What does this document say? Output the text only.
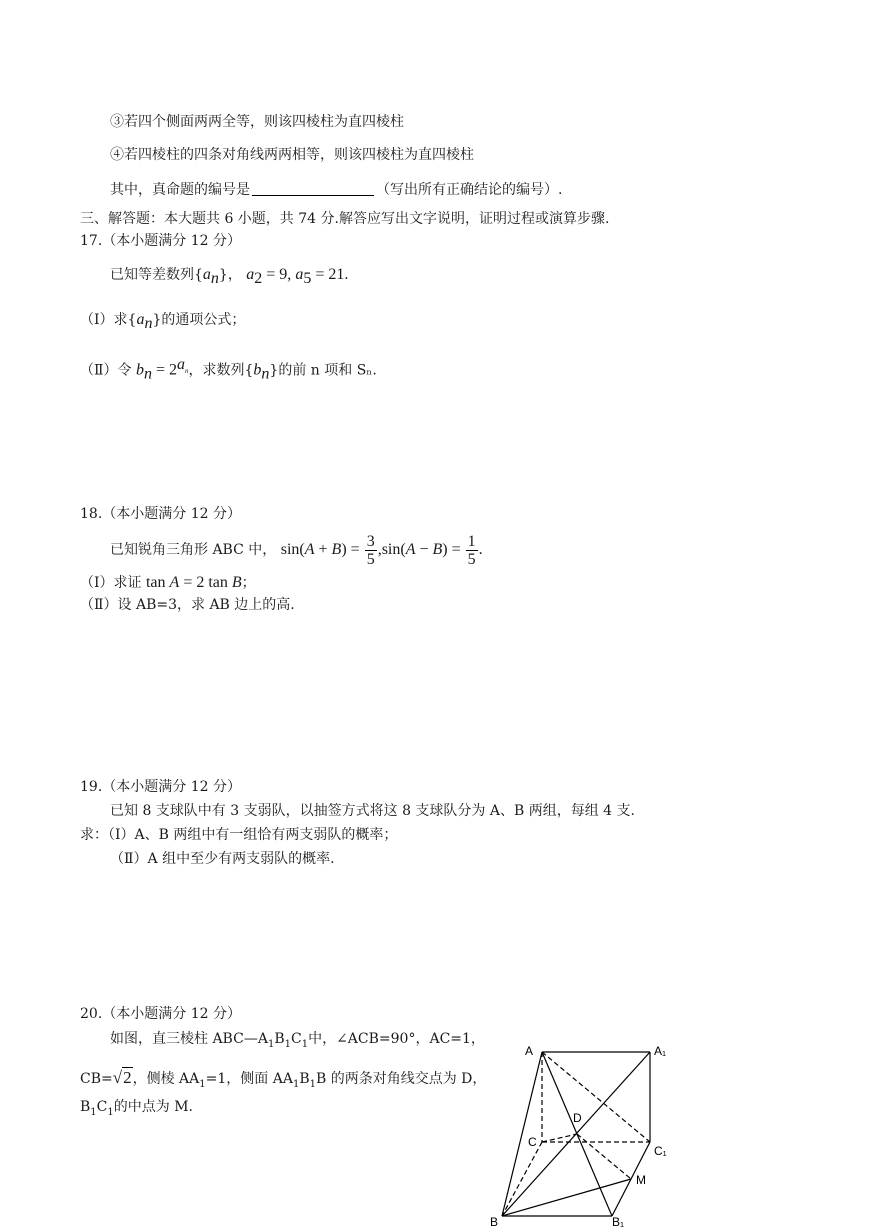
③若四个侧面两两全等，则该四棱柱为直四棱柱
④若四棱柱的四条对角线两两相等，则该四棱柱为直四棱柱
其中，真命题的编号是	（写出所有正确结论的编号）.
三、解答题：本大题共 6 小题，共 74 分.解答应写出文字说明，证明过程或演算步骤.
17.（本小题满分 12 分）
已知等差数列$\{a_n\}$， $a_2 = 9$, $a_5 = 21$.
（Ⅰ）求$\{a_n\}$的通项公式；
（Ⅱ）令 $b_n = 2^{a_n}$，求数列$\{b_n\}$的前 n 项和 Sₙ.
18.（本小题满分 12 分）
已知锐角三角形 ABC 中， $\sin(A + B) = \frac{3}{5} ,\sin(A - B) = \frac{1}{5}$ .
（Ⅰ）求证 tan A = 2 tan B；
（Ⅱ）设 AB=3，求 AB 边上的高.
19.（本小题满分 12 分）
已知 8 支球队中有 3 支弱队，以抽签方式将这 8 支球队分为 A、B 两组，每组 4 支.
求：（Ⅰ）A、B 两组中有一组恰有两支弱队的概率；
（Ⅱ）A 组中至少有两支弱队的概率.
20.（本小题满分 12 分）
如图，直三棱柱 $ABC—A_1B_1C_1$中，∠ACB=90°，AC=1，
CB=√2，侧棱 $AA_1=1$，侧面 $AA_1B_1B$ 的两条对角线交点为 D，
$B_1C_1$的中点为 M.
A	A₁
C
C₁
D
M
B	B₁
